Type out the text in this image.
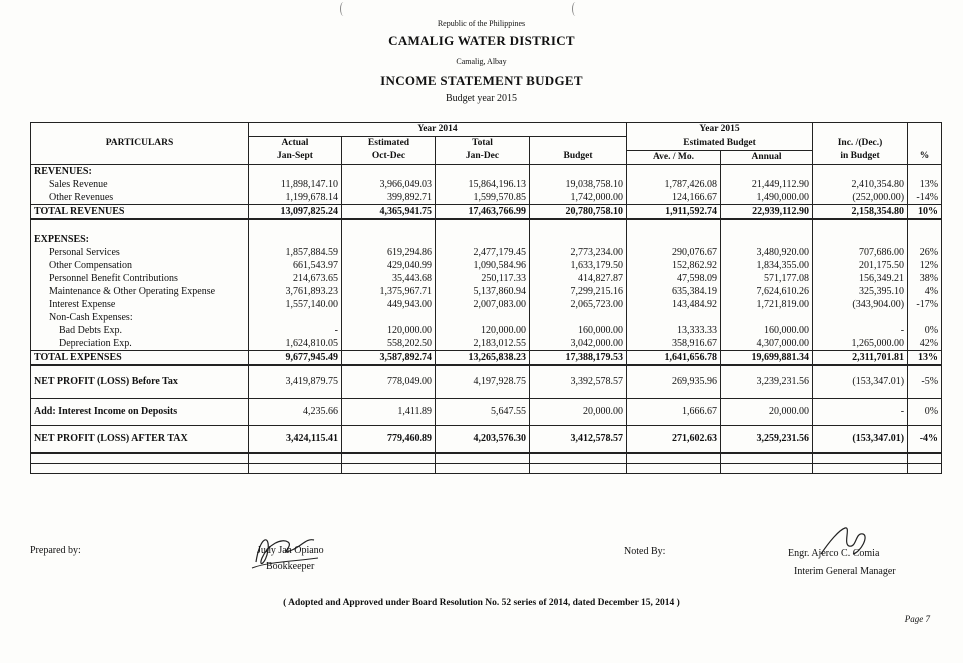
Republic of the Philippines
CAMALIG WATER DISTRICT
Camalig, Albay
INCOME STATEMENT BUDGET
Budget year 2015
PARTICULARS	Year 2014				Year 2015			
	Actual	Estimated	Total		Estimated Budget		Inc. /(Dec.)	
	Jan-Sept	Oct-Dec	Jan-Dec	Budget	Ave. / Mo.	Annual	in Budget	%
REVENUES:								
Sales Revenue	11,898,147.10	3,966,049.03	15,864,196.13	19,038,758.10	1,787,426.08	21,449,112.90	2,410,354.80	13%
Other Revenues	1,199,678.14	399,892.71	1,599,570.85	1,742,000.00	124,166.67	1,490,000.00	(252,000.00)	-14%
TOTAL REVENUES	13,097,825.24	4,365,941.75	17,463,766.99	20,780,758.10	1,911,592.74	22,939,112.90	2,158,354.80	10%

EXPENSES:								
Personal Services	1,857,884.59	619,294.86	2,477,179.45	2,773,234.00	290,076.67	3,480,920.00	707,686.00	26%
Other Compensation	661,543.97	429,040.99	1,090,584.96	1,633,179.50	152,862.92	1,834,355.00	201,175.50	12%
Personnel Benefit Contributions	214,673.65	35,443.68	250,117.33	414,827.87	47,598.09	571,177.08	156,349.21	38%
Maintenance & Other Operating Expense	3,761,893.23	1,375,967.71	5,137,860.94	7,299,215.16	635,384.19	7,624,610.26	325,395.10	4%
Interest Expense	1,557,140.00	449,943.00	2,007,083.00	2,065,723.00	143,484.92	1,721,819.00	(343,904.00)	-17%
Non-Cash Expenses:								
Bad Debts Exp.	-	120,000.00	120,000.00	160,000.00	13,333.33	160,000.00	-	0%
Depreciation Exp.	1,624,810.05	558,202.50	2,183,012.55	3,042,000.00	358,916.67	4,307,000.00	1,265,000.00	42%
TOTAL EXPENSES	9,677,945.49	3,587,892.74	13,265,838.23	17,388,179.53	1,641,656.78	19,699,881.34	2,311,701.81	13%
NET PROFIT (LOSS) Before Tax	3,419,879.75	778,049.00	4,197,928.75	3,392,578.57	269,935.96	3,239,231.56	(153,347.01)	-5%
Add: Interest Income on Deposits	4,235.66	1,411.89	5,647.55	20,000.00	1,666.67	20,000.00	-	0%
NET PROFIT (LOSS) AFTER TAX	3,424,115.41	779,460.89	4,203,576.30	3,412,578.57	271,602.63	3,259,231.56	(153,347.01)	-4%

Prepared by:	Judy Jan Opiano
Bookkeeper
Noted By:	Engr. Ajerco C. Comia
Interim General Manager
( Adopted and Approved under Board Resolution No. 52 series of 2014, dated December 15, 2014 )
Page 7
